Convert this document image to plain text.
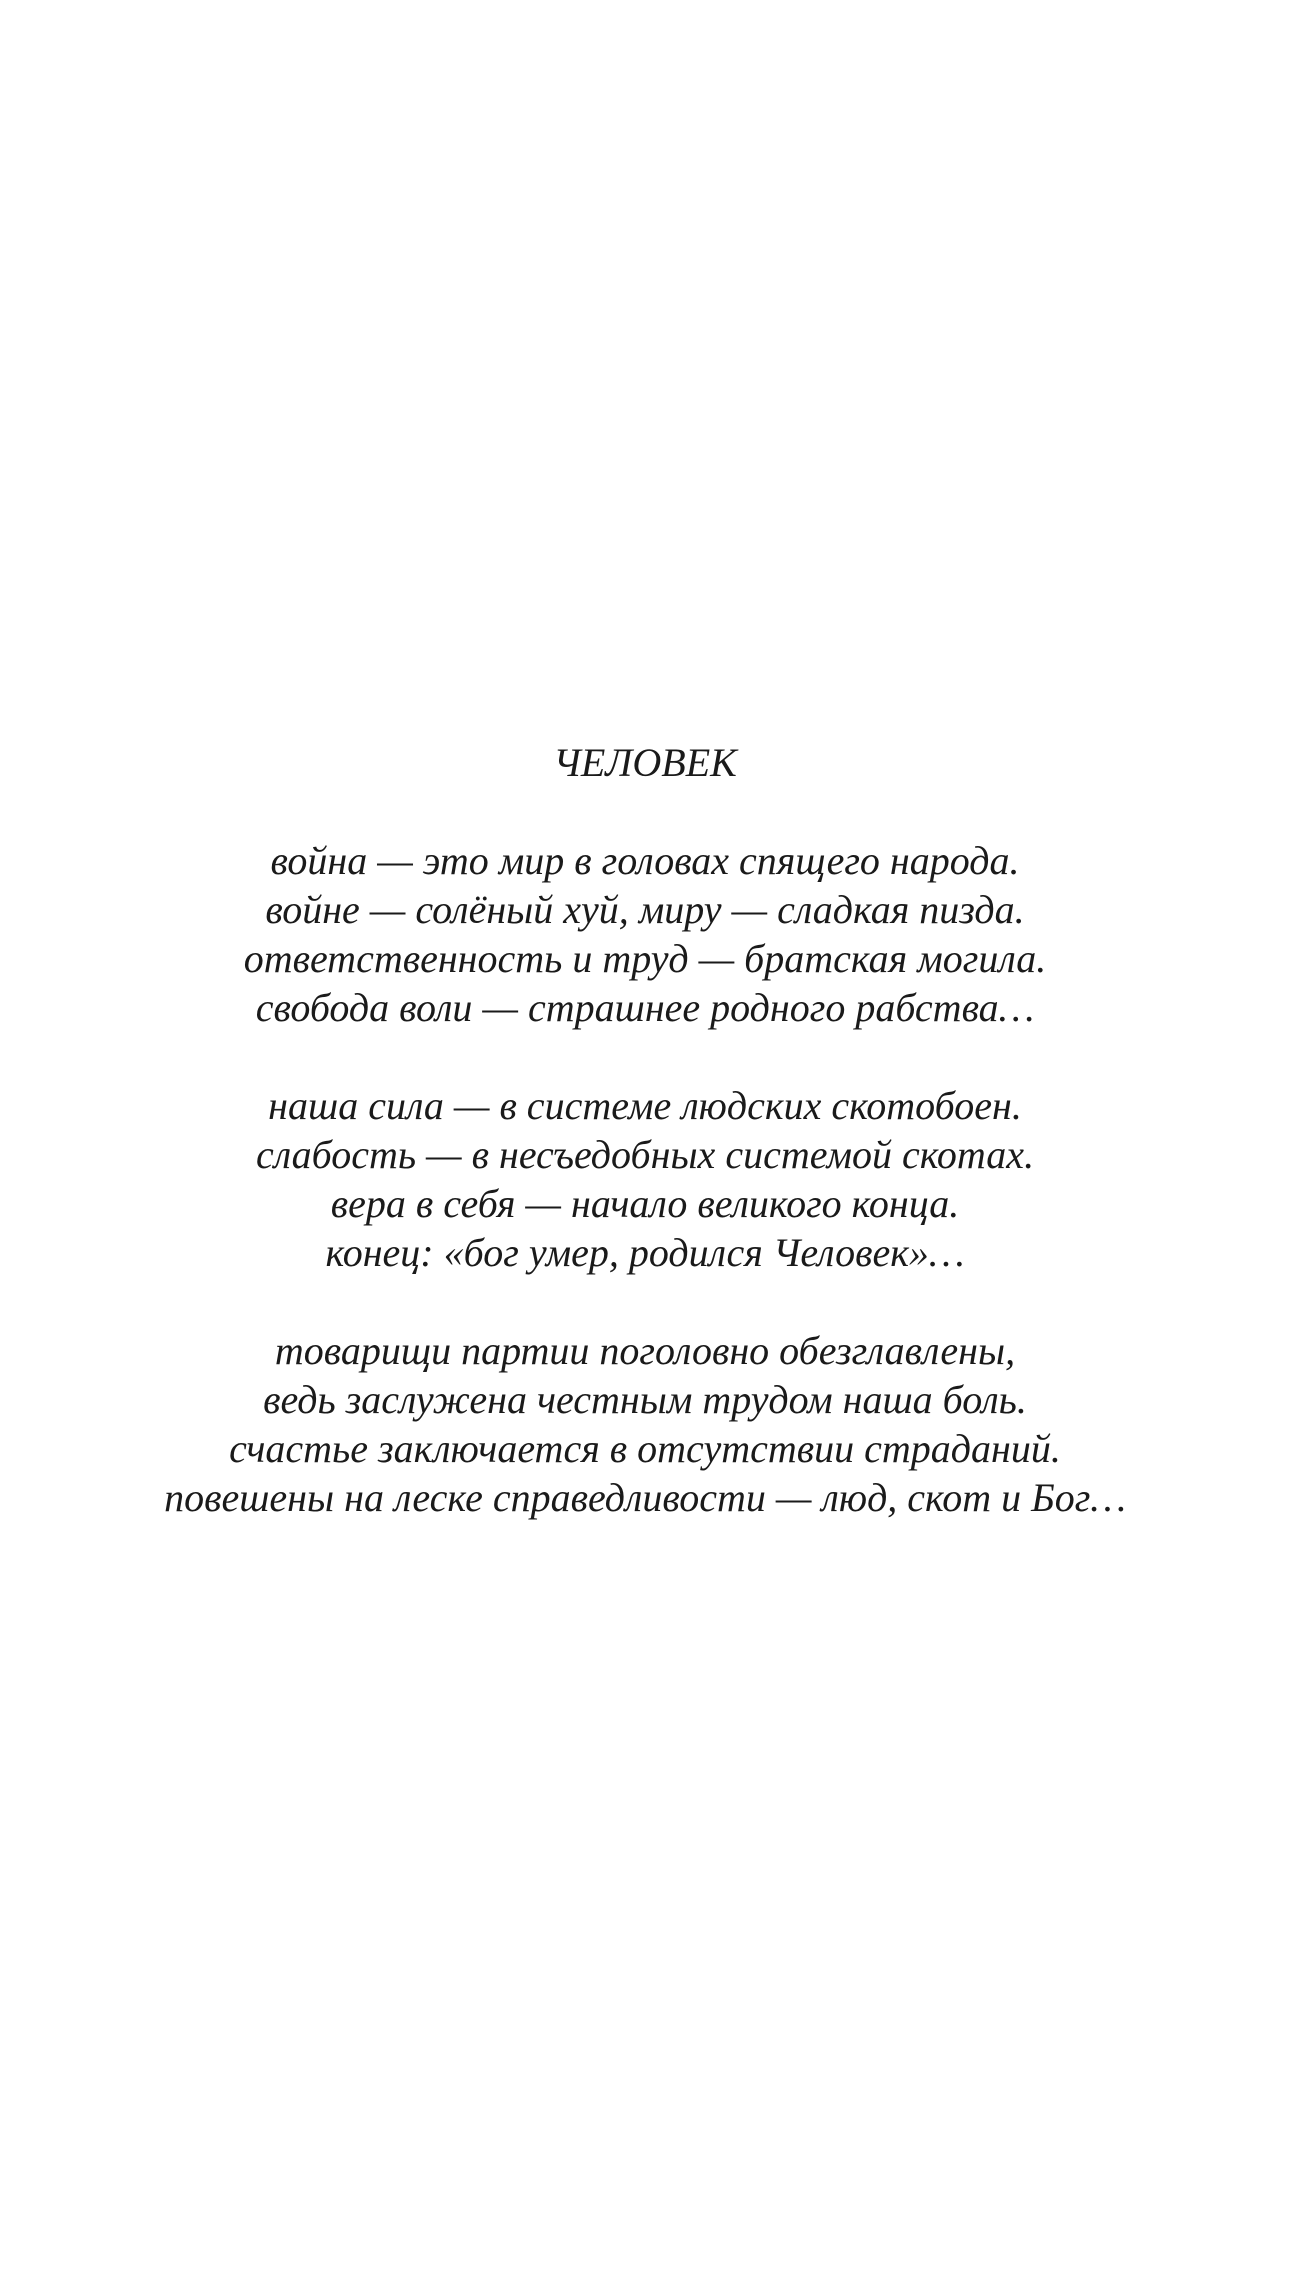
ЧЕЛОВЕК
война — это мир в головах спящего народа.
войне — солёный хуй, миру — сладкая пизда.
ответственность и труд — братская могила.
свобода воли — страшнее родного рабства…
наша сила — в системе людских скотобоен.
слабость — в несъедобных системой скотах.
вера в себя — начало великого конца.
конец: «бог умер, родился Человек»…
товарищи партии поголовно обезглавлены,
ведь заслужена честным трудом наша боль.
счастье заключается в отсутствии страданий.
повешены на леске справедливости — люд, скот и Бог…
